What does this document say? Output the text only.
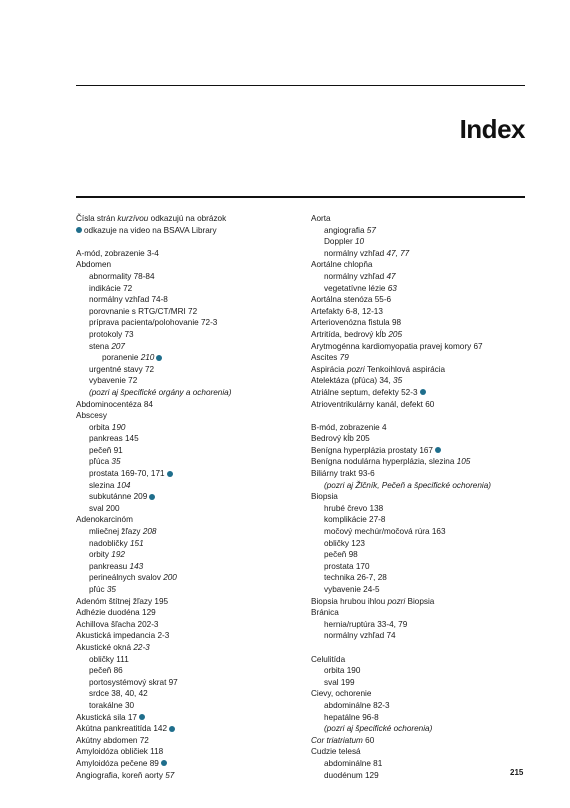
Index
Čísla strán kurzívou odkazujú na obrázok
odkazuje na video na BSAVA Library
A-mód, zobrazenie 3-4
Abdomen
abnormality 78-84
indikácie 72
normálny vzhľad 74-8
porovnanie s RTG/CT/MRI 72
príprava pacienta/polohovanie 72-3
protokoly 73
stena 207
poranenie 210
urgentné stavy 72
vybavenie 72
(pozri aj špecifické orgány a ochorenia)
Abdominocentéza 84
Abscesy
orbita 190
pankreas 145
pečeň 91
pľúca 35
prostata 169-70, 171
slezina 104
subkutánne 209
sval 200
Adenokarcinóm
mliečnej žľazy 208
nadobličky 151
orbity 192
pankreasu 143
perineálnych svalov 200
pľúc 35
Adenóm štítnej žľazy 195
Adhézie duodéna 129
Achillova šľacha 202-3
Akustická impedancia 2-3
Akustické okná 22-3
obličky 111
pečeň 86
portosystémový skrat 97
srdce 38, 40, 42
torakálne 30
Akustická sila 17
Akútna pankreatitída 142
Akútny abdomen 72
Amyloidóza obličiek 118
Amyloidóza pečene 89
Angiografia, koreň aorty 57
Aorta
angiografia 57
Doppler 10
normálny vzhľad 47, 77
Aortálne chlopňa
normálny vzhľad 47
vegetatívne lézie 63
Aortálna stenóza 55-6
Artefakty 6-8, 12-13
Arteriovenózna fistula 98
Artritída, bedrový kĺb 205
Arytmogénna kardiomyopatia pravej komory 67
Ascites 79
Aspirácia pozri Tenkoihlová aspirácia
Atelektáza (pľúca) 34, 35
Atriálne septum, defekty 52-3
Atrioventrikulárny kanál, defekt 60
B-mód, zobrazenie 4
Bedrový kĺb 205
Benígna hyperplázia prostaty 167
Benígna nodulárna hyperplázia, slezina 105
Biliárny trakt 93-6
(pozri aj Žlčník, Pečeň a špecifické ochorenia)
Biopsia
hrubé črevo 138
komplikácie 27-8
močový mechúr/močová rúra 163
obličky 123
pečeň 98
prostata 170
technika 26-7, 28
vybavenie 24-5
Biopsia hrubou ihlou pozri Biopsia
Bránica
hernia/ruptúra 33-4, 79
normálny vzhľad 74
Celulitída
orbita 190
sval 199
Cievy, ochorenie
abdominálne 82-3
hepatálne 96-8
(pozri aj špecifické ochorenia)
Cor triatriatum 60
Cudzie telesá
abdominálne 81
duodénum 129	215
